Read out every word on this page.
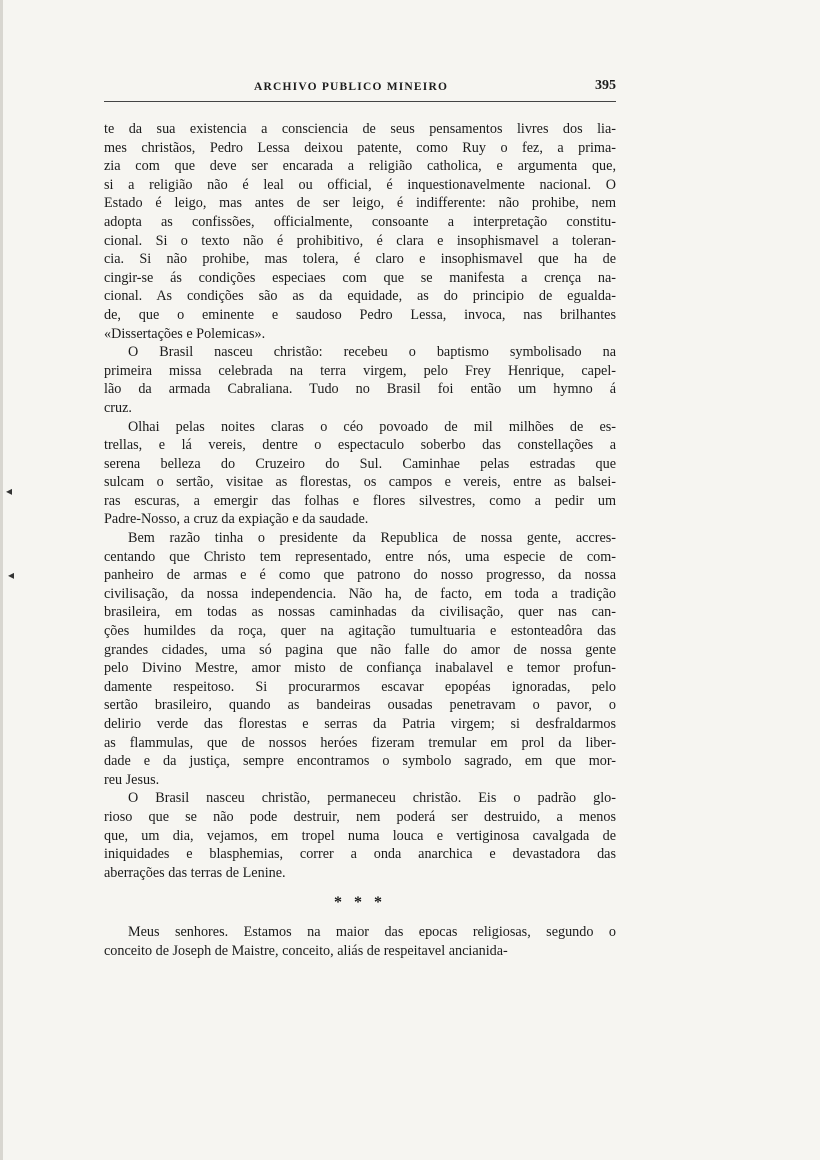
ARCHIVO PUBLICO MINEIRO	395
te da sua existencia a consciencia de seus pensamentos livres dos lia-
mes christãos, Pedro Lessa deixou patente, como Ruy o fez, a prima-
zia com que deve ser encarada a religião catholica, e argumenta que,
si a religião não é leal ou official, é inquestionavelmente nacional. O
Estado é leigo, mas antes de ser leigo, é indifferente: não prohibe, nem
adopta as confissões, officialmente, consoante a interpretação constitu-
cional. Si o texto não é prohibitivo, é clara e insophismavel a toleran-
cia. Si não prohibe, mas tolera, é claro e insophismavel que ha de
cingir-se ás condições especiaes com que se manifesta a crença na-
cional. As condições são as da equidade, as do principio de egualda-
de, que o eminente e saudoso Pedro Lessa, invoca, nas brilhantes
«Dissertações e Polemicas».
O Brasil nasceu christão: recebeu o baptismo symbolisado na
primeira missa celebrada na terra virgem, pelo Frey Henrique, capel-
lão da armada Cabraliana. Tudo no Brasil foi então um hymno á
cruz.
Olhai pelas noites claras o céo povoado de mil milhões de es-
trellas, e lá vereis, dentre o espectaculo soberbo das constellações a
serena belleza do Cruzeiro do Sul. Caminhae pelas estradas que
sulcam o sertão, visitae as florestas, os campos e vereis, entre as balsei-
ras escuras, a emergir das folhas e flores silvestres, como a pedir um
Padre-Nosso, a cruz da expiação e da saudade.
Bem razão tinha o presidente da Republica de nossa gente, accres-
centando que Christo tem representado, entre nós, uma especie de com-
panheiro de armas e é como que patrono do nosso progresso, da nossa
civilisação, da nossa independencia. Não ha, de facto, em toda a tradição
brasileira, em todas as nossas caminhadas da civilisação, quer nas can-
ções humildes da roça, quer na agitação tumultuaria e estonteadôra das
grandes cidades, uma só pagina que não falle do amor de nossa gente
pelo Divino Mestre, amor misto de confiança inabalavel e temor profun-
damente respeitoso. Si procurarmos escavar epopéas ignoradas, pelo
sertão brasileiro, quando as bandeiras ousadas penetravam o pavor, o
delirio verde das florestas e serras da Patria virgem; si desfraldarmos
as flammulas, que de nossos heróes fizeram tremular em prol da liber-
dade e da justiça, sempre encontramos o symbolo sagrado, em que mor-
reu Jesus.
O Brasil nasceu christão, permaneceu christão. Eis o padrão glo-
rioso que se não pode destruir, nem poderá ser destruido, a menos
que, um dia, vejamos, em tropel numa louca e vertiginosa cavalgada de
iniquidades e blasphemias, correr a onda anarchica e devastadora das
aberrações das terras de Lenine.
* * *
Meus senhores. Estamos na maior das epocas religiosas, segundo o
conceito de Joseph de Maistre, conceito, aliás de respeitavel ancianida-
◂
◂
